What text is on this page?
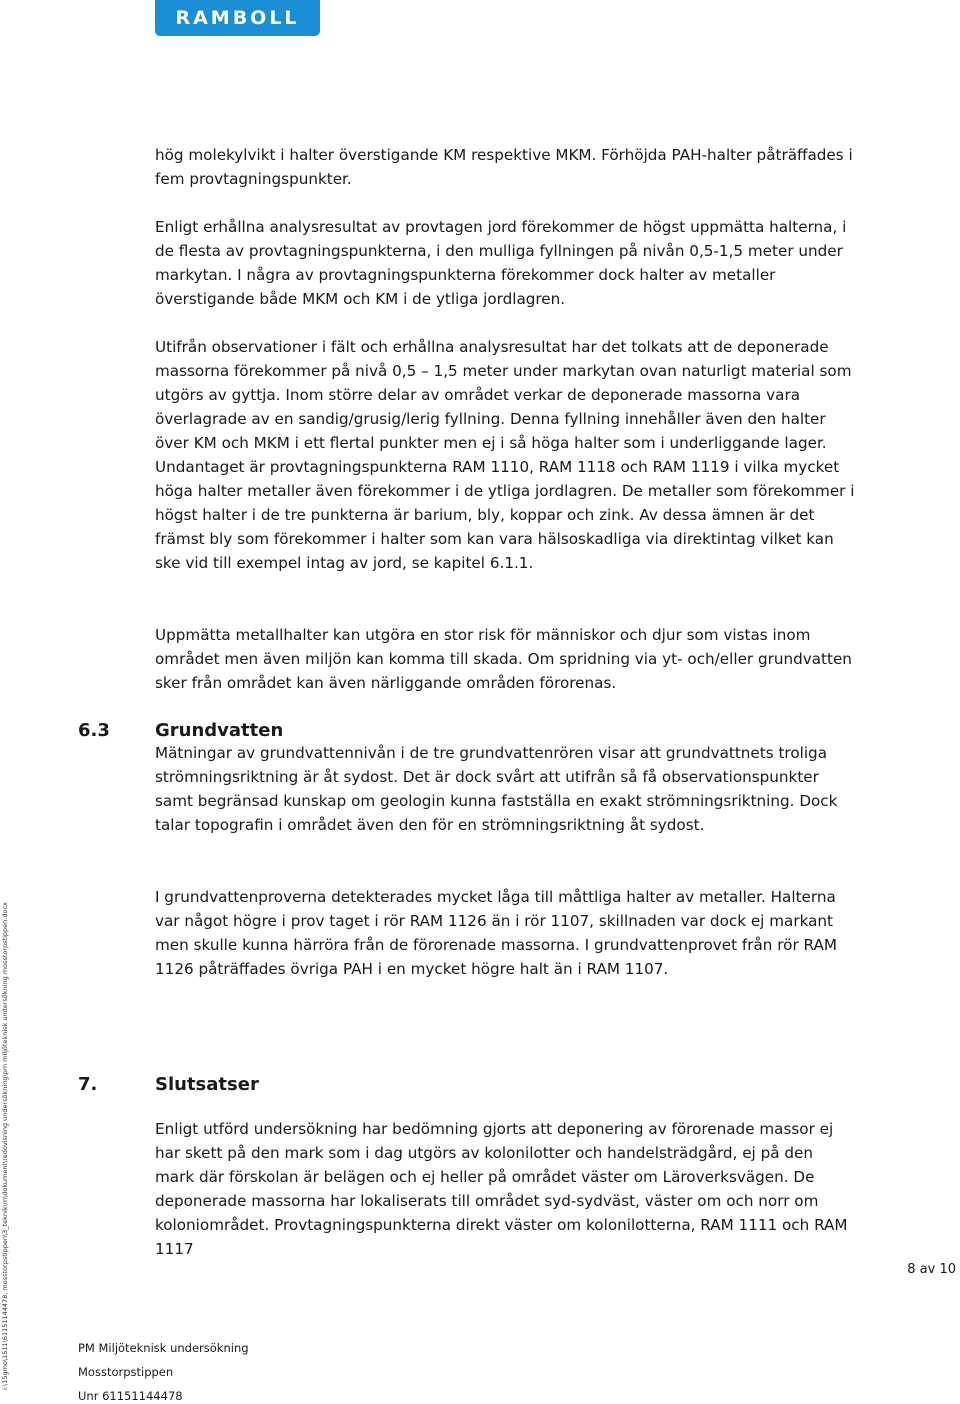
RAMBOLL

hög molekylvikt i halter överstigande KM respektive MKM. Förhöjda PAH-halter påträffades i fem provtagningspunkter.

Enligt erhållna analysresultat av provtagen jord förekommer de högst uppmätta halterna, i de flesta av provtagningspunkterna, i den mulliga fyllningen på nivån 0,5-1,5 meter under markytan. I några av provtagningspunkterna förekommer dock halter av metaller överstigande både MKM och KM i de ytliga jordlagren.

Utifrån observationer i fält och erhållna analysresultat har det tolkats att de deponerade massorna förekommer på nivå 0,5 – 1,5 meter under markytan ovan naturligt material som utgörs av gyttja. Inom större delar av området verkar de deponerade massorna vara överlagrade av en sandig/grusig/lerig fyllning. Denna fyllning innehåller även den halter över KM och MKM i ett flertal punkter men ej i så höga halter som i underliggande lager. Undantaget är provtagningspunkterna RAM 1110, RAM 1118 och RAM 1119 i vilka mycket höga halter metaller även förekommer i de ytliga jordlagren. De metaller som förekommer i högst halter i de tre punkterna är barium, bly, koppar och zink. Av dessa ämnen är det främst bly som förekommer i halter som kan vara hälsoskadliga via direktintag vilket kan ske vid till exempel intag av jord, se kapitel 6.1.1.

Uppmätta metallhalter kan utgöra en stor risk för människor och djur som vistas inom området men även miljön kan komma till skada. Om spridning via yt- och/eller grundvatten sker från området kan även närliggande områden förorenas.

6.3	Grundvatten

Mätningar av grundvattennivån i de tre grundvattenrören visar att grundvattnets troliga strömningsriktning är åt sydost. Det är dock svårt att utifrån så få observationspunkter samt begränsad kunskap om geologin kunna fastställa en exakt strömningsriktning. Dock talar topografin i området även den för en strömningsriktning åt sydost.

I grundvattenproverna detekterades mycket låga till måttliga halter av metaller. Halterna var något högre i prov taget i rör RAM 1126 än i rör 1107, skillnaden var dock ej markant men skulle kunna härröra från de förorenade massorna. I grundvattenprovet från rör RAM 1126 påträffades övriga PAH i en mycket högre halt än i RAM 1107.

7.	Slutsatser

Enligt utförd undersökning har bedömning gjorts att deponering av förorenade massor ej har skett på den mark som i dag utgörs av kolonilotter och handelsträdgård, ej på den mark där förskolan är belägen och ej heller på området väster om Läroverksvägen. De deponerade massorna har lokaliserats till området syd-sydväst, väster om och norr om koloniområdet. Provtagningspunkterna direkt väster om kolonilotterna, RAM 1111 och RAM 1117

i:\15gmo\1511\61151144478, mosstorpstippen\3_teknik\m\dokument\redovisning undersökning\pm miljöteknisk undersökning mosstorpstippen.docx	8 av 10
PM Miljöteknisk undersökning
Mosstorpstippen
Unr 61151144478
